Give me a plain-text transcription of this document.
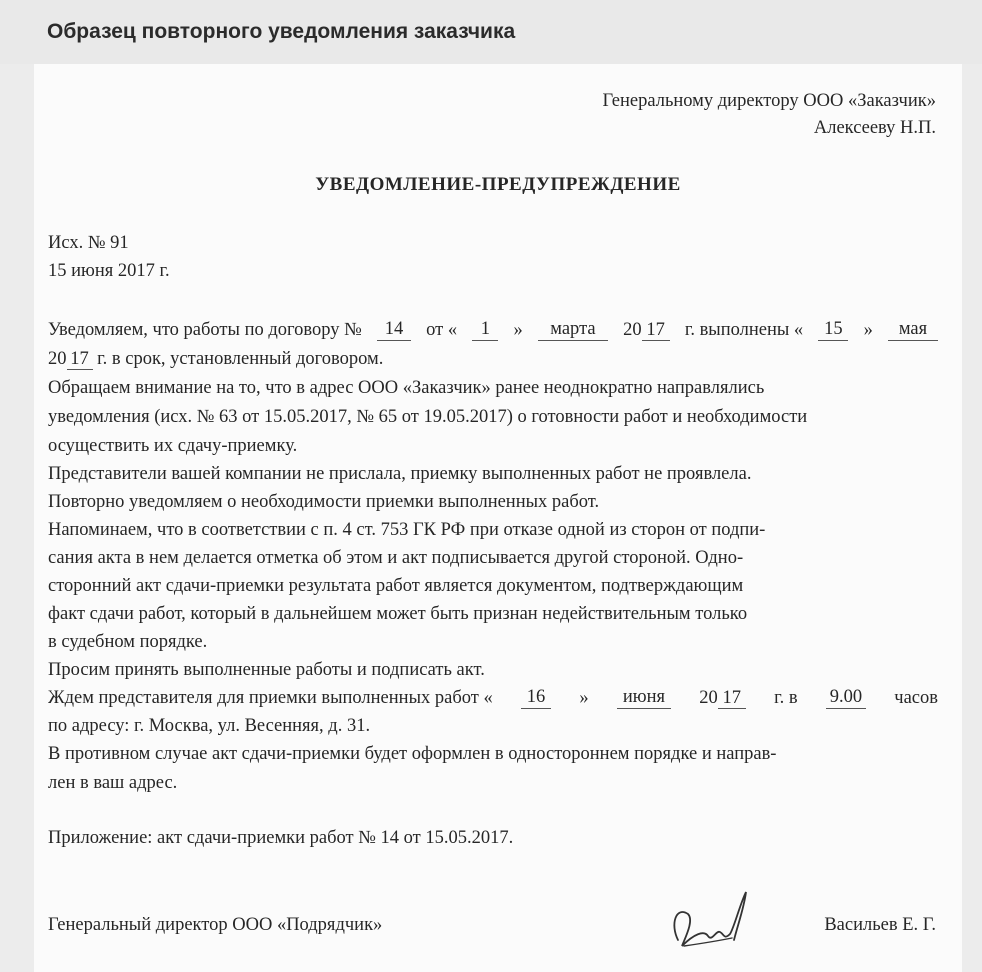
Образец повторного уведомления заказчика
Генеральному директору ООО «Заказчик»
Алексееву Н.П.
УВЕДОМЛЕНИЕ-ПРЕДУПРЕЖДЕНИЕ
Исх. № 91
15 июня 2017 г.
Уведомляем, что работы по договору №	14	от «	1	»	марта	20 17 г. выполнены «	15	»	мая
20 17 г. в срок, установленный договором.
Обращаем внимание на то, что в адрес ООО «Заказчик» ранее неоднократно направлялись
уведомления (исх. № 63 от 15.05.2017, № 65 от 19.05.2017) о готовности работ и необходимости
осуществить их сдачу-приемку.
Представители вашей компании не прислала, приемку выполненных работ не проявлела.
Повторно уведомляем о необходимости приемки выполненных работ.
Напоминаем, что в соответствии с п. 4 ст. 753 ГК РФ при отказе одной из сторон от подпи-
сания акта в нем делается отметка об этом и акт подписывается другой стороной. Одно-
сторонний акт сдачи-приемки результата работ является документом, подтверждающим
факт сдачи работ, который в дальнейшем может быть признан недействительным только
в судебном порядке.
Просим принять выполненные работы и подписать акт.
Ждем представителя для приемки выполненных работ «	16	»	июня	20 17 г. в 9.00 часов
по адресу: г. Москва, ул. Весенняя, д. 31.
В противном случае акт сдачи-приемки будет оформлен в одностороннем порядке и направ-
лен в ваш адрес.
Приложение: акт сдачи-приемки работ № 14 от 15.05.2017.
Генеральный директор ООО «Подрядчик»	Васильев Е. Г.
